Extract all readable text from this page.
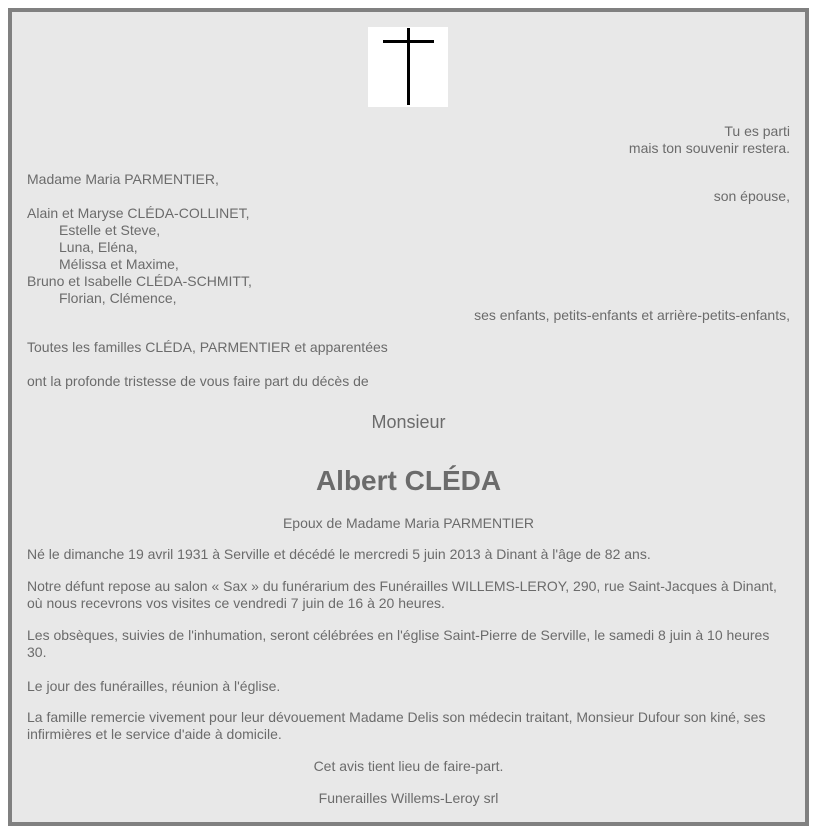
Tu es parti
mais ton souvenir restera.
Madame Maria PARMENTIER,
son épouse,
Alain et Maryse CLÉDA-COLLINET,
Estelle et Steve,
Luna, Eléna,
Mélissa et Maxime,
Bruno et Isabelle CLÉDA-SCHMITT,
Florian, Clémence,
ses enfants, petits-enfants et arrière-petits-enfants,
Toutes les familles CLÉDA, PARMENTIER et apparentées
ont la profonde tristesse de vous faire part du décès de
Monsieur
Albert CLÉDA
Epoux de Madame Maria PARMENTIER
Né le dimanche 19 avril 1931 à Serville et décédé le mercredi 5 juin 2013 à Dinant à l'âge de 82 ans.
Notre défunt repose au salon « Sax » du funérarium des Funérailles WILLEMS-LEROY, 290, rue Saint-Jacques à Dinant, où nous recevrons vos visites ce vendredi 7 juin de 16 à 20 heures.
Les obsèques, suivies de l'inhumation, seront célébrées en l'église Saint-Pierre de Serville, le samedi 8 juin à 10 heures 30.
Le jour des funérailles, réunion à l'église.
La famille remercie vivement pour leur dévouement Madame Delis son médecin traitant, Monsieur Dufour son kiné, ses infirmières et le service d'aide à domicile.
Cet avis tient lieu de faire-part.
Funerailles Willems-Leroy srl
